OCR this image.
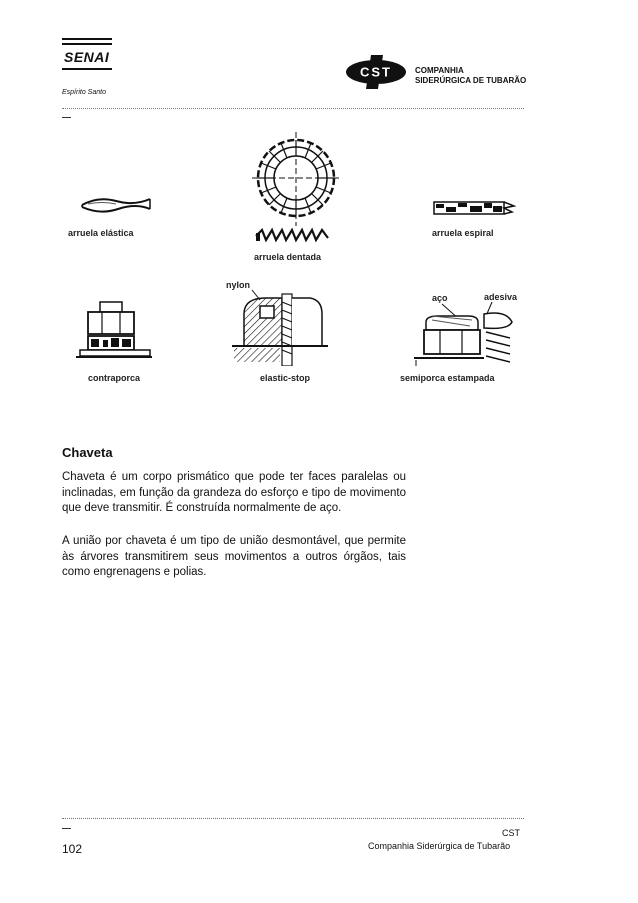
SENAI
Espírito Santo
CST	COMPANHIA
SIDERÚRGICA DE TUBARÃO
arruela elástica
arruela dentada
arruela espiral
contraporca
nylon
elastic-stop
aço	adesiva
semiporca estampada
Chaveta
Chaveta é um corpo prismático que pode ter faces paralelas ou inclinadas, em função da grandeza do esforço e tipo de movimento que deve transmitir. É construída normalmente de aço.
A união por chaveta é um tipo de união desmontável, que permite às árvores transmitirem seus movimentos a outros órgãos, tais como engrenagens e polias.
CST
Companhia Siderúrgica de Tubarão
102
